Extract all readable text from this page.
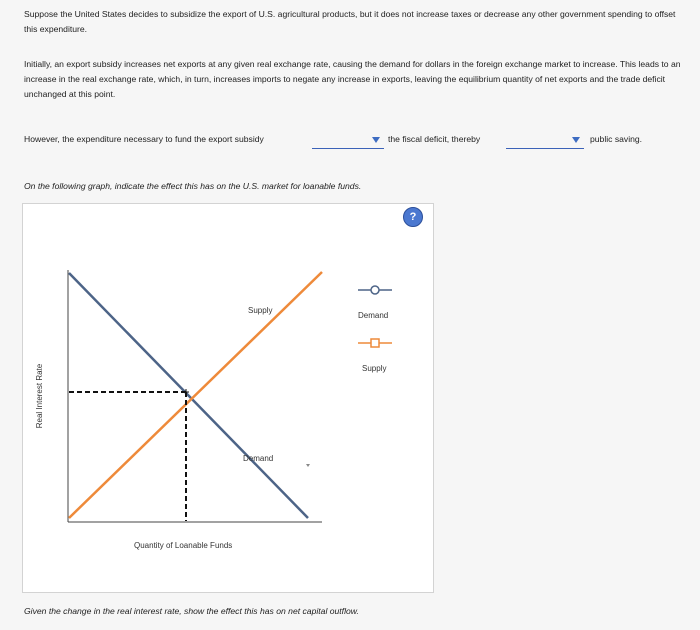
Suppose the United States decides to subsidize the export of U.S. agricultural products, but it does not increase taxes or decrease any other government spending to offset this expenditure.

Initially, an export subsidy increases net exports at any given real exchange rate, causing the demand for dollars in the foreign exchange market to increase. This leads to an increase in the real exchange rate, which, in turn, increases imports to negate any increase in exports, leaving the equilibrium quantity of net exports and the trade deficit unchanged at this point.

However, the expenditure necessary to fund the export subsidy	the fiscal deficit, thereby	public saving.
On the following graph, indicate the effect this has on the U.S. market for loanable funds.
?
Supply
Demand
Real Interest Rate
Quantity of Loanable Funds
Demand
Supply
Given the change in the real interest rate, show the effect this has on net capital outflow.
